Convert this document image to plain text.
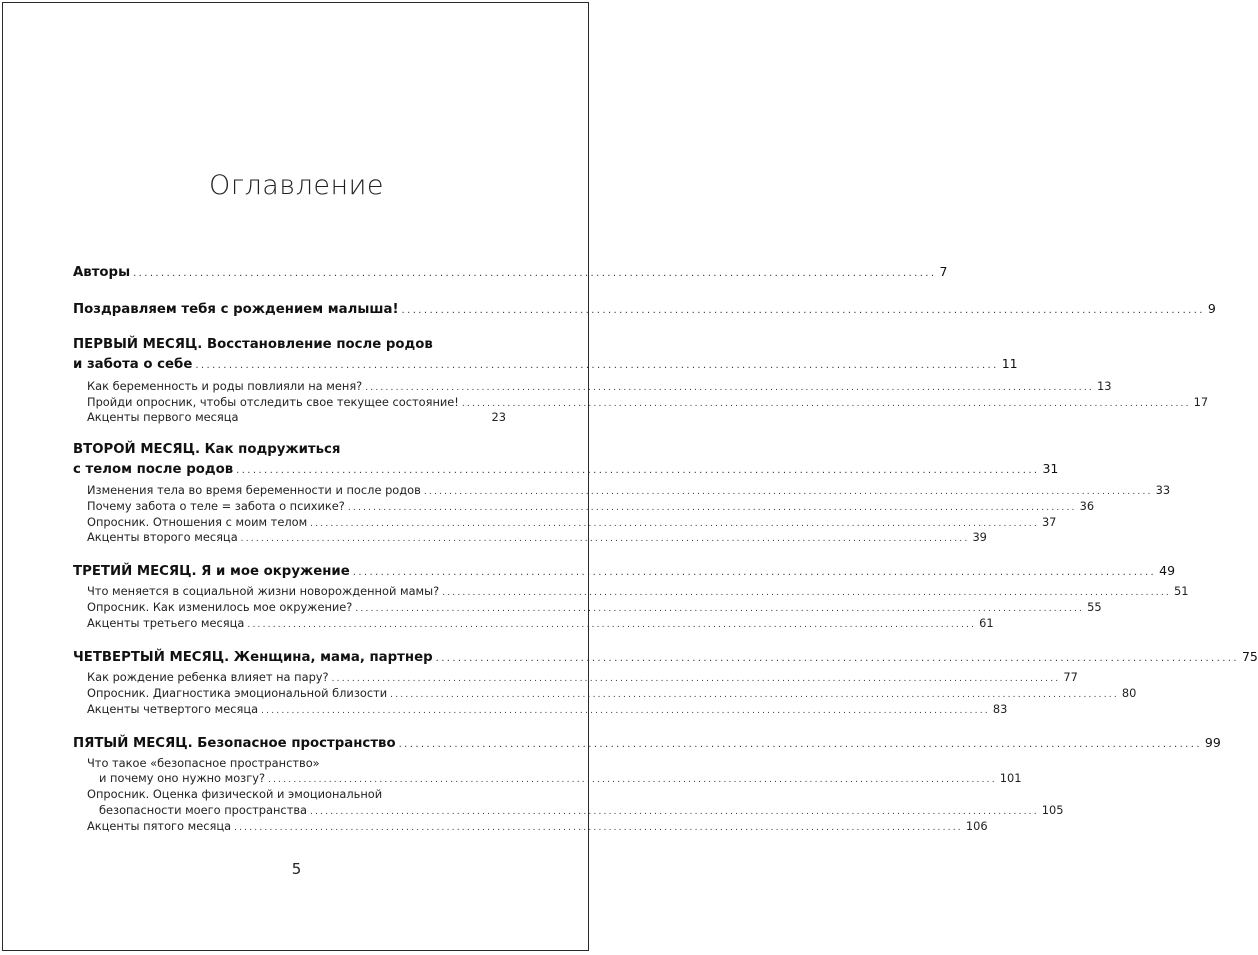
Оглавление
Авторы ................................................................................................................................................ 7
Поздравляем тебя с рождением малыша! ................................................................................................................................................ 9
ПЕРВЫЙ МЕСЯЦ. Восстановление после родов
и забота о себе ................................................................................................................................................ 11
Как беременность и роды повлияли на меня? ................................................................................................................................................ 13
Пройди опросник, чтобы отследить свое текущее состояние! ................................................................................................................................................ 17
Акценты первого месяца	23
ВТОРОЙ МЕСЯЦ. Как подружиться
с телом после родов ................................................................................................................................................ 31
Изменения тела во время беременности и после родов ................................................................................................................................................ 33
Почему забота о теле = забота о психике? ................................................................................................................................................ 36
Опросник. Отношения с моим телом ................................................................................................................................................ 37
Акценты второго месяца ................................................................................................................................................ 39
ТРЕТИЙ МЕСЯЦ. Я и мое окружение ................................................................................................................................................ 49
Что меняется в социальной жизни новорожденной мамы? ................................................................................................................................................ 51
Опросник. Как изменилось мое окружение? ................................................................................................................................................ 55
Акценты третьего месяца ................................................................................................................................................ 61
ЧЕТВЕРТЫЙ МЕСЯЦ. Женщина, мама, партнер ................................................................................................................................................ 75
Как рождение ребенка влияет на пару? ................................................................................................................................................ 77
Опросник. Диагностика эмоциональной близости ................................................................................................................................................ 80
Акценты четвертого месяца ................................................................................................................................................ 83
ПЯТЫЙ МЕСЯЦ. Безопасное пространство ................................................................................................................................................ 99
Что такое «безопасное пространство»
и почему оно нужно мозгу? ................................................................................................................................................ 101
Опросник. Оценка физической и эмоциональной
безопасности моего пространства ................................................................................................................................................ 105
Акценты пятого месяца ................................................................................................................................................ 106
5
